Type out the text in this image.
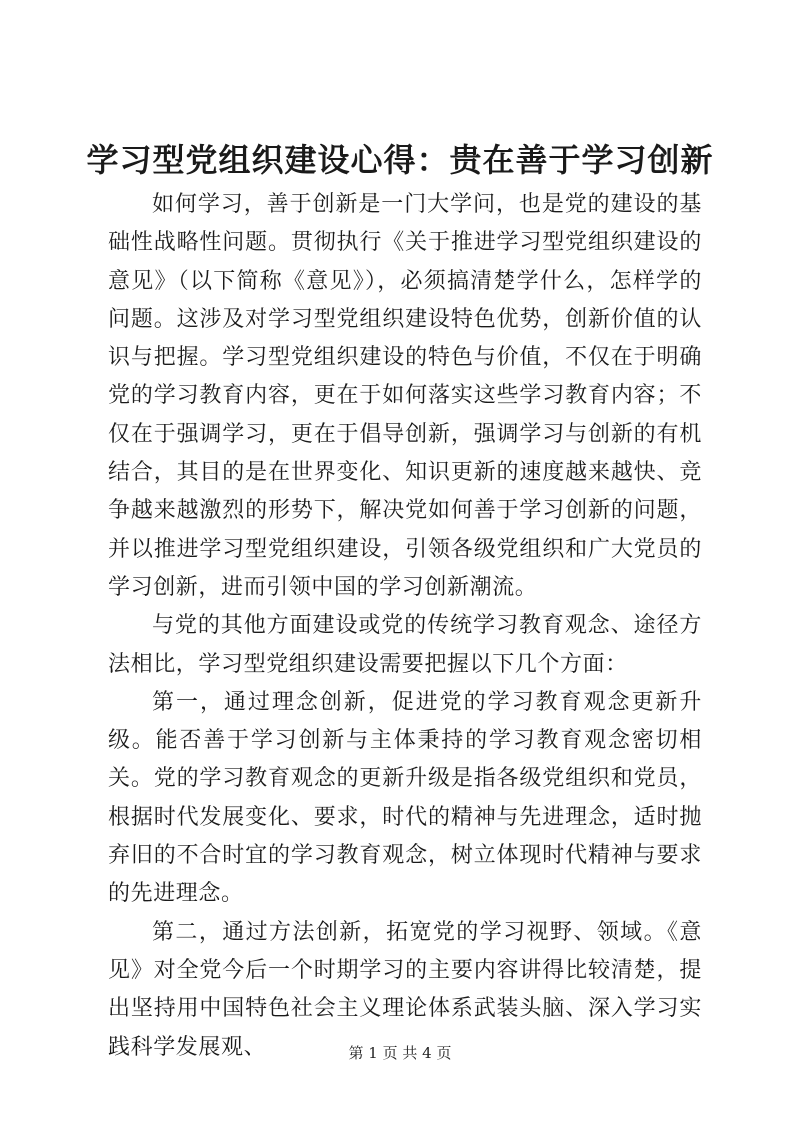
学习型党组织建设心得：贵在善于学习创新

如何学习，善于创新是一门大学问，也是党的建设的基础性战略性问题。贯彻执行《关于推进学习型党组织建设的意见》（以下简称《意见》），必须搞清楚学什么，怎样学的问题。这涉及对学习型党组织建设特色优势，创新价值的认识与把握。学习型党组织建设的特色与价值，不仅在于明确党的学习教育内容，更在于如何落实这些学习教育内容；不仅在于强调学习，更在于倡导创新，强调学习与创新的有机结合，其目的是在世界变化、知识更新的速度越来越快、竞争越来越激烈的形势下，解决党如何善于学习创新的问题，并以推进学习型党组织建设，引领各级党组织和广大党员的学习创新，进而引领中国的学习创新潮流。

与党的其他方面建设或党的传统学习教育观念、途径方法相比，学习型党组织建设需要把握以下几个方面：

第一，通过理念创新，促进党的学习教育观念更新升级。能否善于学习创新与主体秉持的学习教育观念密切相关。党的学习教育观念的更新升级是指各级党组织和党员，根据时代发展变化、要求，时代的精神与先进理念，适时抛弃旧的不合时宜的学习教育观念，树立体现时代精神与要求的先进理念。

第二，通过方法创新，拓宽党的学习视野、领域。《意见》对全党今后一个时期学习的主要内容讲得比较清楚，提出坚持用中国特色社会主义理论体系武装头脑、深入学习实践科学发展观、	第 1 页 共 4 页
